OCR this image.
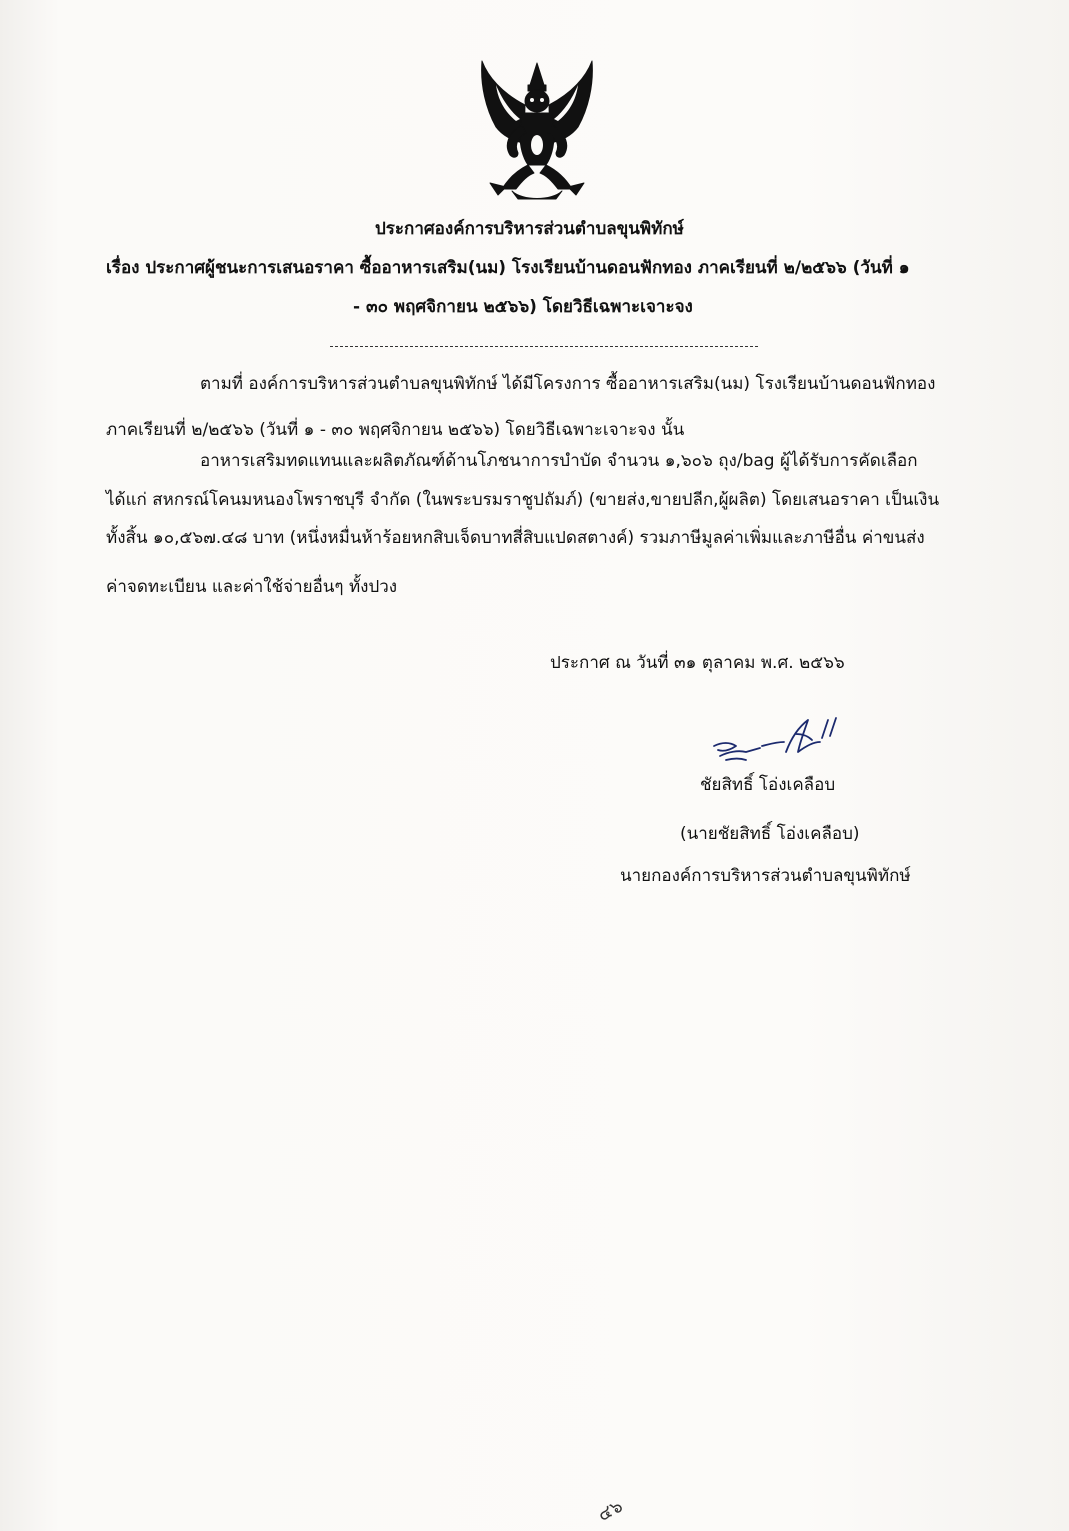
ประกาศองค์การบริหารส่วนตำบลขุนพิทักษ์
เรื่อง ประกาศผู้ชนะการเสนอราคา ซื้ออาหารเสริม(นม) โรงเรียนบ้านดอนฟักทอง ภาคเรียนที่ ๒/๒๕๖๖ (วันที่ ๑
- ๓๐ พฤศจิกายน ๒๕๖๖) โดยวิธีเฉพาะเจาะจง
ตามที่ องค์การบริหารส่วนตำบลขุนพิทักษ์ ได้มีโครงการ ซื้ออาหารเสริม(นม) โรงเรียนบ้านดอนฟักทอง
ภาคเรียนที่ ๒/๒๕๖๖ (วันที่ ๑ - ๓๐ พฤศจิกายน ๒๕๖๖) โดยวิธีเฉพาะเจาะจง นั้น
อาหารเสริมทดแทนและผลิตภัณฑ์ด้านโภชนาการบำบัด จำนวน ๑,๖๐๖ ถุง/bag ผู้ได้รับการคัดเลือก
ได้แก่ สหกรณ์โคนมหนองโพราชบุรี จำกัด (ในพระบรมราชูปถัมภ์) (ขายส่ง,ขายปลีก,ผู้ผลิต) โดยเสนอราคา เป็นเงิน
ทั้งสิ้น ๑๐,๕๖๗.๔๘ บาท (หนึ่งหมื่นห้าร้อยหกสิบเจ็ดบาทสี่สิบแปดสตางค์) รวมภาษีมูลค่าเพิ่มและภาษีอื่น ค่าขนส่ง
ค่าจดทะเบียน และค่าใช้จ่ายอื่นๆ ทั้งปวง
ประกาศ ณ วันที่ ๓๑ ตุลาคม พ.ศ. ๒๕๖๖
ชัยสิทธิ์ โอ่งเคลือบ
(นายชัยสิทธิ์ โอ่งเคลือบ)
นายกองค์การบริหารส่วนตำบลขุนพิทักษ์
๔๖
